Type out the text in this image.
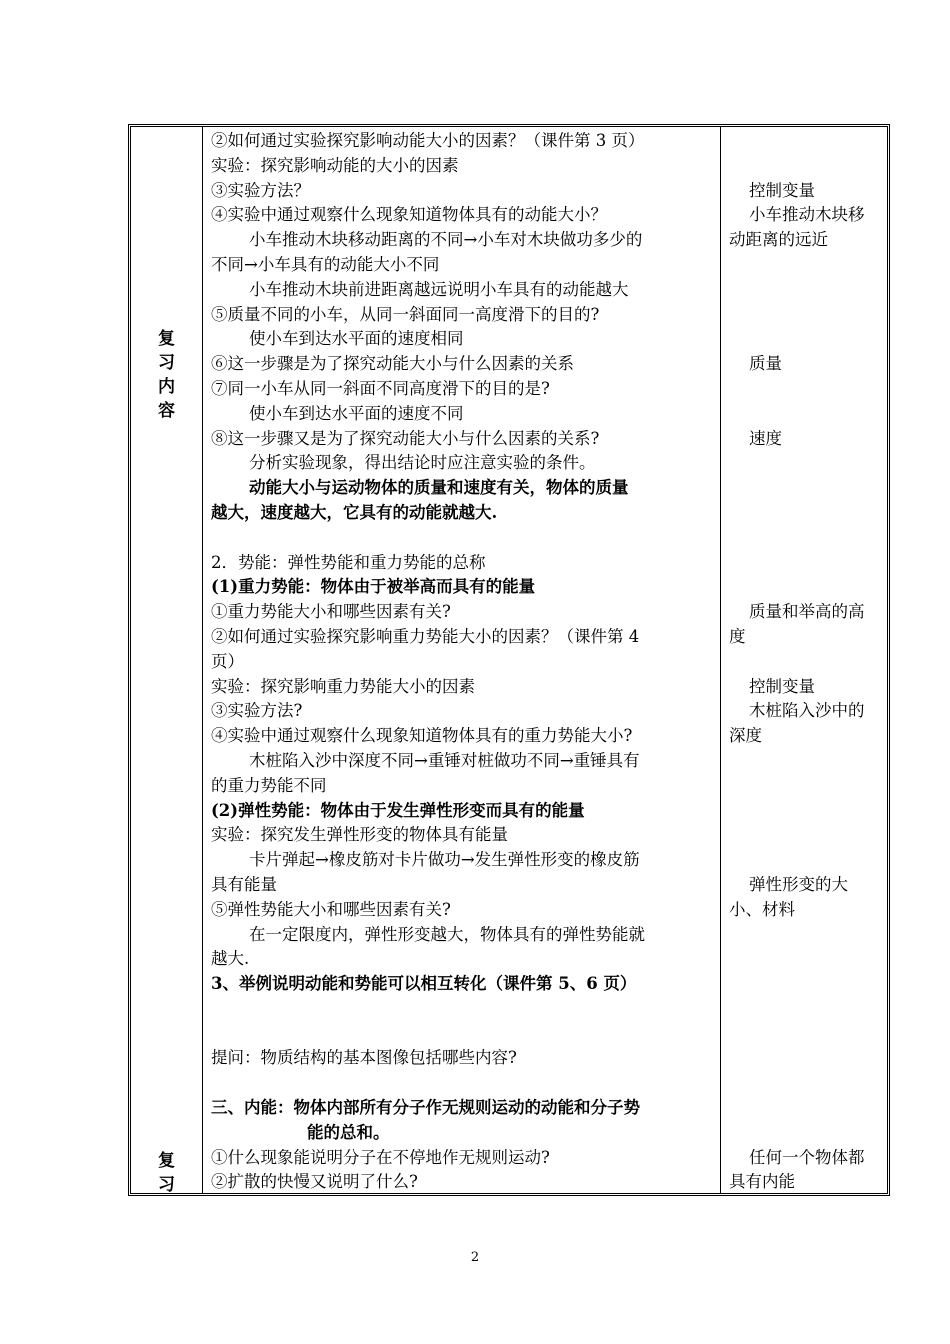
复
习
内
容
复
习
②如何通过实验探究影响动能大小的因素？（课件第 3 页）
实验：探究影响动能的大小的因素
③实验方法？
④实验中通过观察什么现象知道物体具有的动能大小？
小车推动木块移动距离的不同→小车对木块做功多少的
不同→小车具有的动能大小不同
小车推动木块前进距离越远说明小车具有的动能越大
⑤质量不同的小车，从同一斜面同一高度滑下的目的?
使小车到达水平面的速度相同
⑥这一步骤是为了探究动能大小与什么因素的关系
⑦同一小车从同一斜面不同高度滑下的目的是?
使小车到达水平面的速度不同
⑧这一步骤又是为了探究动能大小与什么因素的关系?
分析实验现象，得出结论时应注意实验的条件。
动能大小与运动物体的质量和速度有关，物体的质量
越大，速度越大，它具有的动能就越大.
2．势能：弹性势能和重力势能的总称
(1)重力势能：物体由于被举高而具有的能量
①重力势能大小和哪些因素有关?
②如何通过实验探究影响重力势能大小的因素？（课件第 4
页）
实验：探究影响重力势能大小的因素
③实验方法?
④实验中通过观察什么现象知道物体具有的重力势能大小?
木桩陷入沙中深度不同→重锤对桩做功不同→重锤具有
的重力势能不同
(2)弹性势能：物体由于发生弹性形变而具有的能量
实验：探究发生弹性形变的物体具有能量
卡片弹起→橡皮筋对卡片做功→发生弹性形变的橡皮筋
具有能量
⑤弹性势能大小和哪些因素有关?
在一定限度内，弹性形变越大，物体具有的弹性势能就
越大.
3、举例说明动能和势能可以相互转化（课件第 5、6 页）
提问：物质结构的基本图像包括哪些内容?
三、内能：物体内部所有分子作无规则运动的动能和分子势
能的总和。
①什么现象能说明分子在不停地作无规则运动?
②扩散的快慢又说明了什么?
控制变量
小车推动木块移
动距离的远近
质量
速度
质量和举高的高
度
控制变量
木桩陷入沙中的
深度
弹性形变的大
小、材料
任何一个物体都
具有内能
2
